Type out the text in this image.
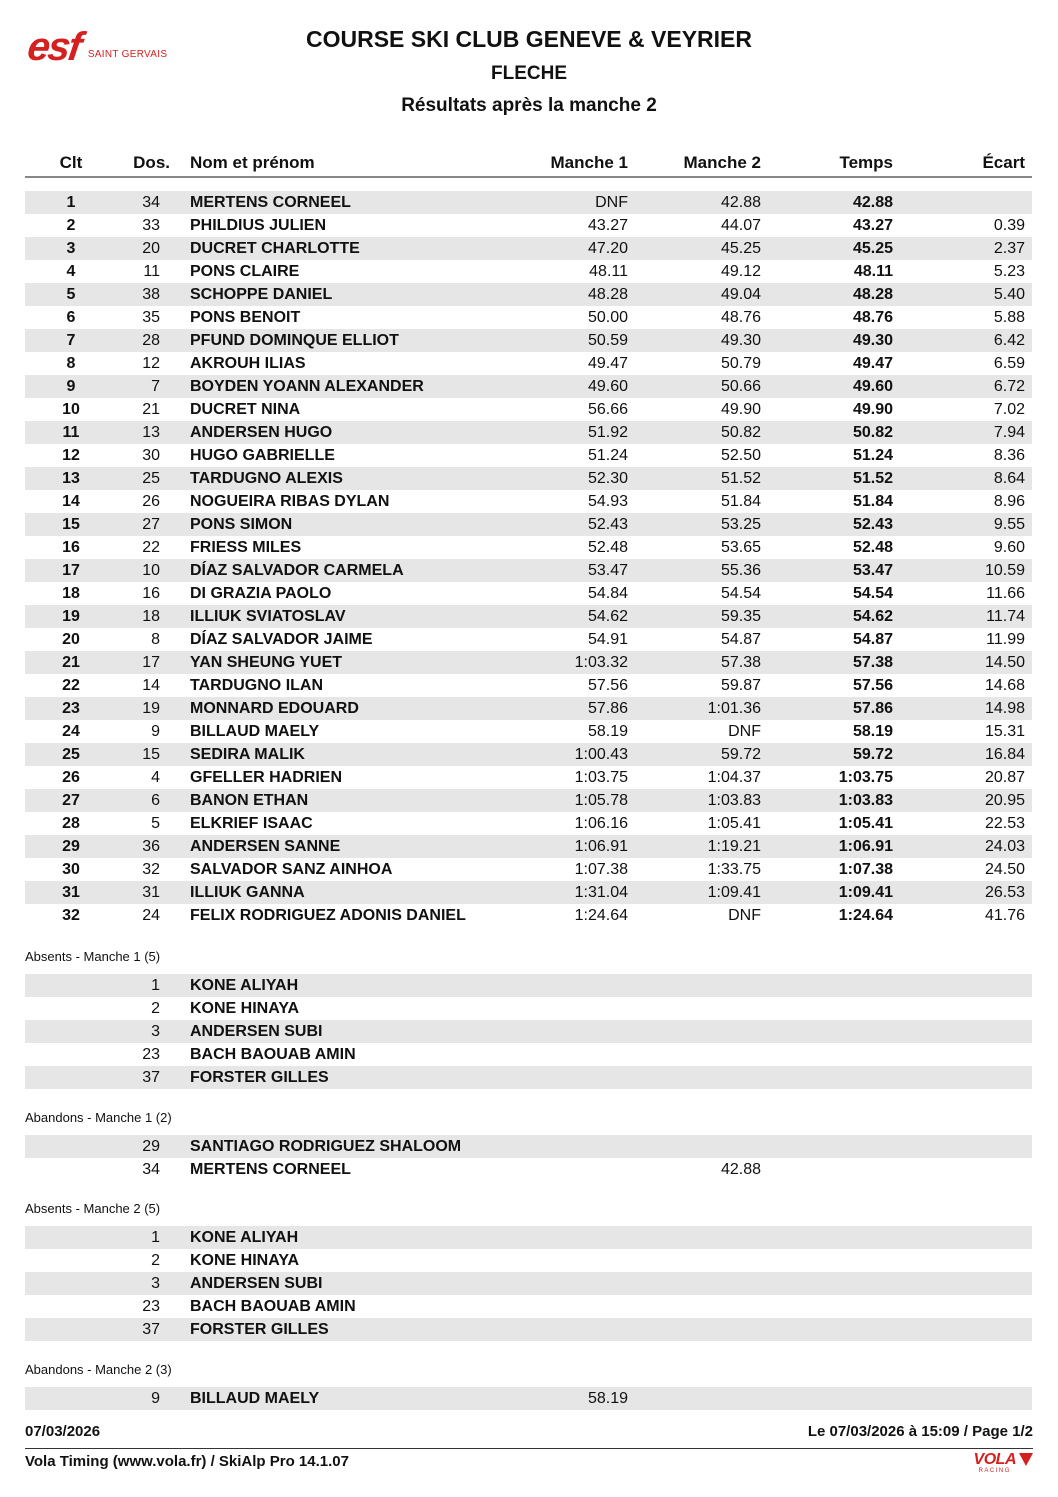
esf SAINT GERVAIS
COURSE SKI CLUB GENEVE & VEYRIER
FLECHE
Résultats après la manche 2
Clt	Dos. Nom et prénom	Manche 1	Manche 2	Temps	Écart
1	34 MERTENS CORNEEL	DNF	42.88	42.88
2	33 PHILDIUS JULIEN	43.27	44.07	43.27	0.39
3	20 DUCRET CHARLOTTE	47.20	45.25	45.25	2.37
4	11 PONS CLAIRE	48.11	49.12	48.11	5.23
5	38 SCHOPPE DANIEL	48.28	49.04	48.28	5.40
6	35 PONS BENOIT	50.00	48.76	48.76	5.88
7	28 PFUND DOMINQUE ELLIOT	50.59	49.30	49.30	6.42
8	12 AKROUH ILIAS	49.47	50.79	49.47	6.59
9	7 BOYDEN YOANN ALEXANDER	49.60	50.66	49.60	6.72
10	21 DUCRET NINA	56.66	49.90	49.90	7.02
11	13 ANDERSEN HUGO	51.92	50.82	50.82	7.94
12	30 HUGO GABRIELLE	51.24	52.50	51.24	8.36
13	25 TARDUGNO ALEXIS	52.30	51.52	51.52	8.64
14	26 NOGUEIRA RIBAS DYLAN	54.93	51.84	51.84	8.96
15	27 PONS SIMON	52.43	53.25	52.43	9.55
16	22 FRIESS MILES	52.48	53.65	52.48	9.60
17	10 DÍAZ SALVADOR CARMELA	53.47	55.36	53.47	10.59
18	16 DI GRAZIA PAOLO	54.84	54.54	54.54	11.66
19	18 ILLIUK SVIATOSLAV	54.62	59.35	54.62	11.74
20	8 DÍAZ SALVADOR JAIME	54.91	54.87	54.87	11.99
21	17 YAN SHEUNG YUET	1:03.32	57.38	57.38	14.50
22	14 TARDUGNO ILAN	57.56	59.87	57.56	14.68
23	19 MONNARD EDOUARD	57.86	1:01.36	57.86	14.98
24	9 BILLAUD MAELY	58.19	DNF	58.19	15.31
25	15 SEDIRA MALIK	1:00.43	59.72	59.72	16.84
26	4 GFELLER HADRIEN	1:03.75	1:04.37	1:03.75	20.87
27	6 BANON ETHAN	1:05.78	1:03.83	1:03.83	20.95
28	5 ELKRIEF ISAAC	1:06.16	1:05.41	1:05.41	22.53
29	36 ANDERSEN SANNE	1:06.91	1:19.21	1:06.91	24.03
30	32 SALVADOR SANZ AINHOA	1:07.38	1:33.75	1:07.38	24.50
31	31 ILLIUK GANNA	1:31.04	1:09.41	1:09.41	26.53
32	24 FELIX RODRIGUEZ ADONIS DANIEL	1:24.64	DNF	1:24.64	41.76
Absents - Manche 1 (5)
1 KONE ALIYAH
2 KONE HINAYA
3 ANDERSEN SUBI
23 BACH BAOUAB AMIN
37 FORSTER GILLES
Abandons - Manche 1 (2)
29 SANTIAGO RODRIGUEZ SHALOOM
34 MERTENS CORNEEL	42.88
Absents - Manche 2 (5)
1 KONE ALIYAH
2 KONE HINAYA
3 ANDERSEN SUBI
23 BACH BAOUAB AMIN
37 FORSTER GILLES
Abandons - Manche 2 (3)
9 BILLAUD MAELY	58.19
07/03/2026	Le 07/03/2026 à 15:09 / Page 1/2
Vola Timing (www.vola.fr) / SkiAlp Pro 14.1.07	VOLA
RACING
